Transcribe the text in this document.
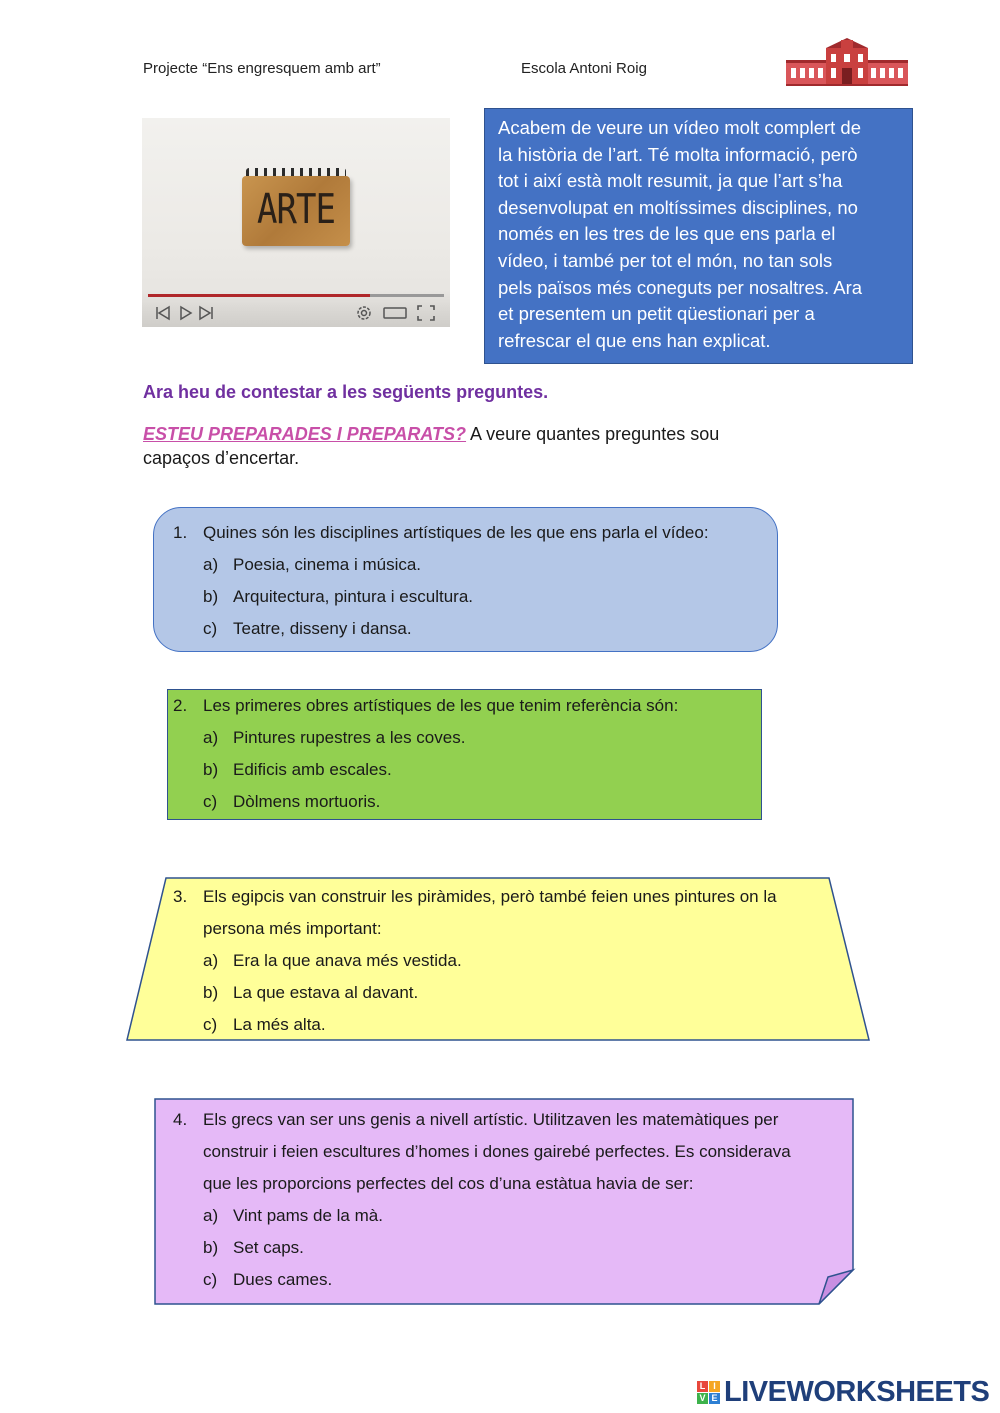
Projecte “Ens engresquem amb art”	Escola Antoni Roig
ARTE
Acabem de veure un vídeo molt complert de
la història de l’art. Té molta informació, però
tot i així està molt resumit, ja que l’art s’ha
desenvolupat en moltíssimes disciplines, no
només en les tres de les que ens parla el
vídeo, i també per tot el món, no tan sols
pels països més coneguts per nosaltres. Ara
et presentem un petit qüestionari per a
refrescar el que ens han explicat.
Ara heu de contestar a les següents preguntes.
ESTEU PREPARADES I PREPARATS? A veure quantes preguntes sou
capaços d’encertar.
1. Quines són les disciplines artístiques de les que ens parla el vídeo:
a) Poesia, cinema i música.
b) Arquitectura, pintura i escultura.
c) Teatre, disseny i dansa.
2. Les primeres obres artístiques de les que tenim referència són:
a) Pintures rupestres a les coves.
b) Edificis amb escales.
c) Dòlmens mortuoris.
3. Els egipcis van construir les piràmides, però també feien unes pintures on la
persona més important:
a) Era la que anava més vestida.
b) La que estava al davant.
c) La més alta.
4. Els grecs van ser uns genis a nivell artístic. Utilitzaven les matemàtiques per
construir i feien escultures d’homes i dones gairebé perfectes. Es considerava
que les proporcions perfectes del cos d’una estàtua havia de ser:
a) Vint pams de la mà.
b) Set caps.
c) Dues cames.
L I
V E LIVEWORKSHEETS
